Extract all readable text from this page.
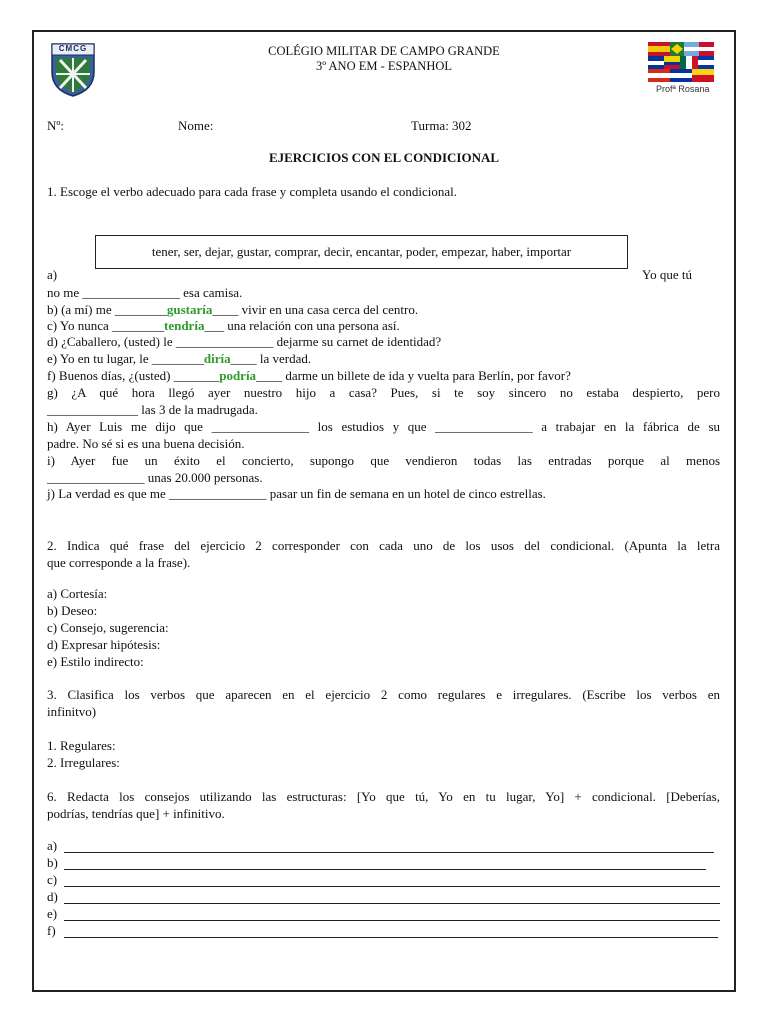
CMCG	COLÉGIO MILITAR DE CAMPO GRANDE
3º ANO EM - ESPANHOL
Profª Rosana
Nº:	Nome:	Turma: 302
EJERCICIOS CON EL CONDICIONAL
1. Escoge el verbo adecuado para cada frase y completa usando el condicional.
tener, ser, dejar, gustar, comprar, decir, encantar, poder, empezar, haber, importar
a)	Yo que tú
no me _______________ esa camisa.
b) (a mí) me ________gustaría____ vivir en una casa cerca del centro.
c) Yo nunca ________tendría___ una relación con una persona así.
d) ¿Caballero, (usted) le _______________ dejarme su carnet de identidad?
e) Yo en tu lugar, le ________diría____ la verdad.
f) Buenos días, ¿(usted) _______podría____ darme un billete de ida y vuelta para Berlín, por favor?
g) ¿A qué hora llegó ayer nuestro hijo a casa? Pues, si te soy sincero no estaba despierto, pero
______________ las 3 de la madrugada.
h) Ayer Luis me dijo que _______________ los estudios y que _______________ a trabajar en la fábrica de su
padre. No sé si es una buena decisión.
i) Ayer fue un éxito el concierto, supongo que vendieron todas las entradas porque al menos
_______________ unas 20.000 personas.
j) La verdad es que me _______________ pasar un fin de semana en un hotel de cinco estrellas.
2. Indica qué frase del ejercicio 2 corresponder con cada uno de los usos del condicional. (Apunta la letra
que corresponde a la frase).
a) Cortesía:
b) Deseo:
c) Consejo, sugerencia:
d) Expresar hipótesis:
e) Estilo indirecto:
3. Clasifica los verbos que aparecen en el ejercicio 2 como regulares e irregulares. (Escribe los verbos en
infinitvo)
1. Regulares:
2. Irregulares:
6. Redacta los consejos utilizando las estructuras: [Yo que tú, Yo en tu lugar, Yo] + condicional. [Deberías,
podrías, tendrías que] + infinitivo.
a)
b)
c)
d)
e)
f)
